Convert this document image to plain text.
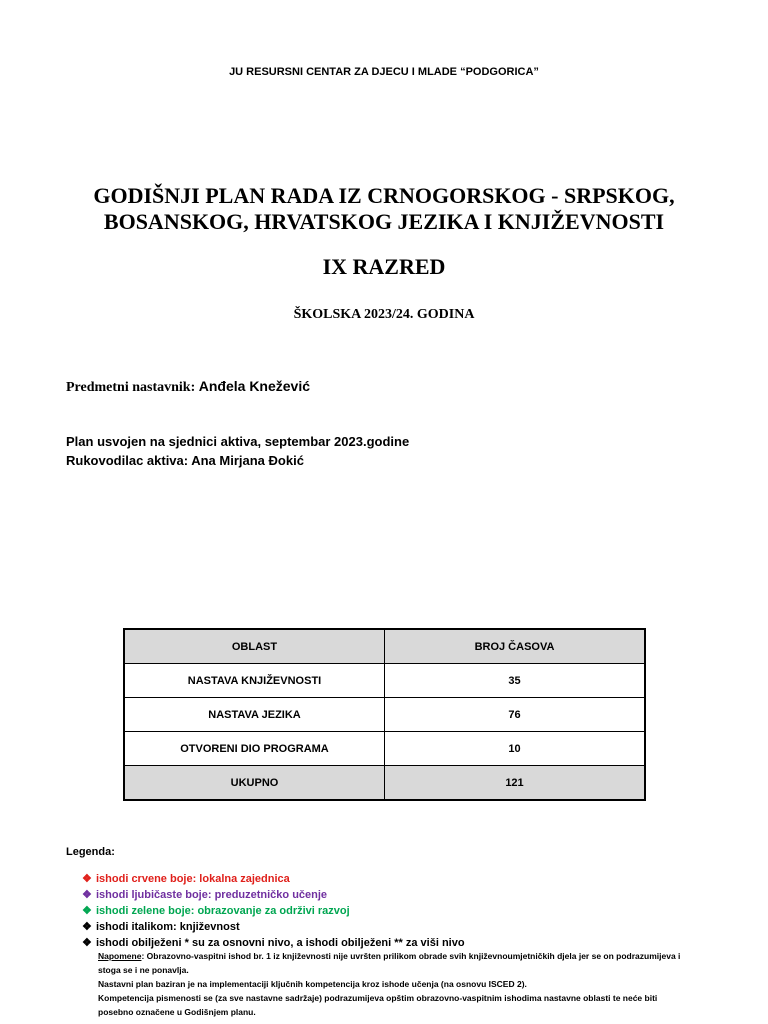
JU RESURSNI CENTAR ZA DJECU I MLADE “PODGORICA”
GODIŠNJI PLAN RADA IZ CRNOGORSKOG - SRPSKOG,
BOSANSKOG, HRVATSKOG JEZIKA I KNJIŽEVNOSTI
IX RAZRED
ŠKOLSKA 2023/24. GODINA
Predmetni nastavnik: Anđela Knežević
Plan usvojen na sjednici aktiva, septembar 2023.godine
Rukovodilac aktiva: Ana Mirjana Đokić
OBLAST	BROJ ČASOVA
NASTAVA KNJIŽEVNOSTI	35
NASTAVA JEZIKA	76
OTVORENI DIO PROGRAMA	10
UKUPNO	121
Legenda:
❖ ishodi crvene boje: lokalna zajednica
❖ ishodi ljubičaste boje: preduzetničko učenje
❖ ishodi zelene boje: obrazovanje za održivi razvoj
❖ ishodi italikom: književnost
❖ ishodi obilježeni * su za osnovni nivo, a ishodi obilježeni ** za viši nivo
Napomene: Obrazovno-vaspitni ishod br. 1 iz književnosti nije uvršten prilikom obrade svih književnoumjetničkih djela jer se on podrazumijeva i
stoga se i ne ponavlja.
Nastavni plan baziran je na implementaciji ključnih kompetencija kroz ishode učenja (na osnovu ISCED 2).
Kompetencija pismenosti se (za sve nastavne sadržaje) podrazumijeva opštim obrazovno-vaspitnim ishodima nastavne oblasti te neće biti
posebno označene u Godišnjem planu.
